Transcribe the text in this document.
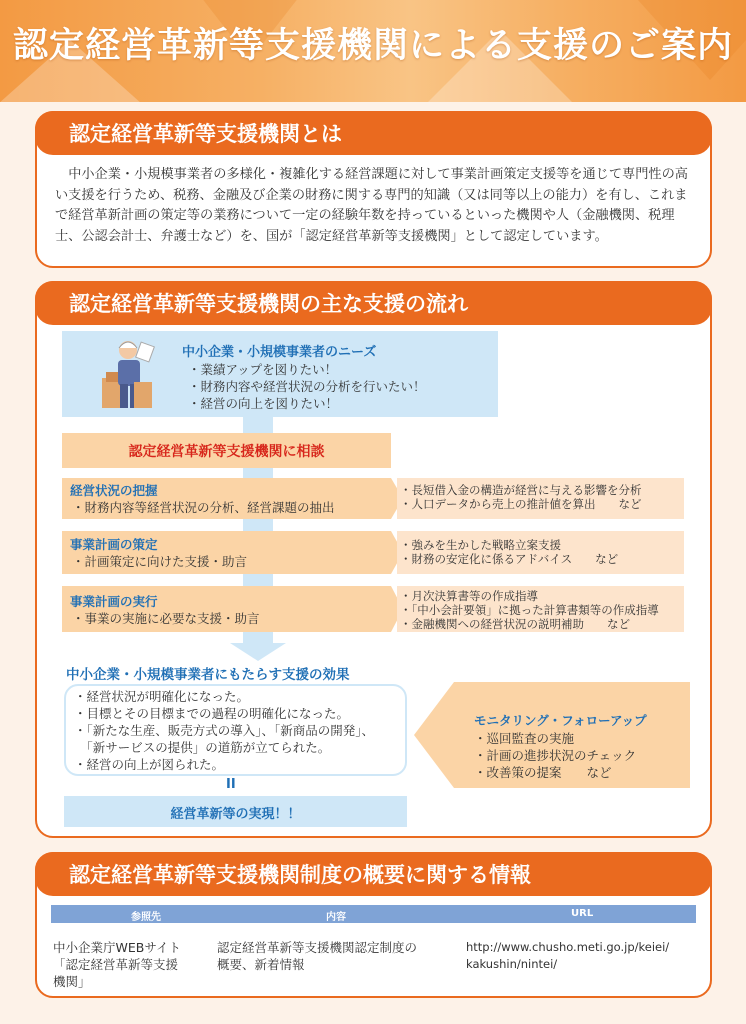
認定経営革新等支援機関による支援のご案内
認定経営革新等支援機関とは

中小企業・小規模事業者の多様化・複雑化する経営課題に対して事業計画策定支援等を通じて専門性の高い支援を行うため、税務、金融及び企業の財務に関する専門的知識（又は同等以上の能力）を有し、これまで経営革新計画の策定等の業務について一定の経験年数を持っているといった機関や人（金融機関、税理士、公認会計士、弁護士など）を、国が「認定経営革新等支援機関」として認定しています。

認定経営革新等支援機関の主な支援の流れ
中小企業・小規模事業者のニーズ
・業績アップを図りたい！
・財務内容や経営状況の分析を行いたい！
・経営の向上を図りたい！
認定経営革新等支援機関に相談
経営状況の把握
・財務内容等経営状況の分析、経営課題の抽出
・長短借入金の構造が経営に与える影響を分析
・人口データから売上の推計値を算出　　など
事業計画の策定
・計画策定に向けた支援・助言
・強みを生かした戦略立案支援
・財務の安定化に係るアドバイス　　など
事業計画の実行
・事業の実施に必要な支援・助言
・月次決算書等の作成指導
・「中小会計要領」に拠った計算書類等の作成指導
・金融機関への経営状況の説明補助　　など
中小企業・小規模事業者にもたらす支援の効果
・経営状況が明確化になった。
・目標とその目標までの過程の明確化になった。
・「新たな生産、販売方式の導入」、「新商品の開発」、
　「新サービスの提供」の道筋が立てられた。
・経営の向上が図られた。
II
経営革新等の実現！！
モニタリング・フォローアップ
・巡回監査の実施
・計画の進捗状況のチェック
・改善策の提案　　など
認定経営革新等支援機関制度の概要に関する情報
参照先	内容	URL
中小企業庁WEBサイト
「認定経営革新等支援
機関」
認定経営革新等支援機関認定制度の
概要、新着情報
http://www.chusho.meti.go.jp/keiei/
kakushin/nintei/
